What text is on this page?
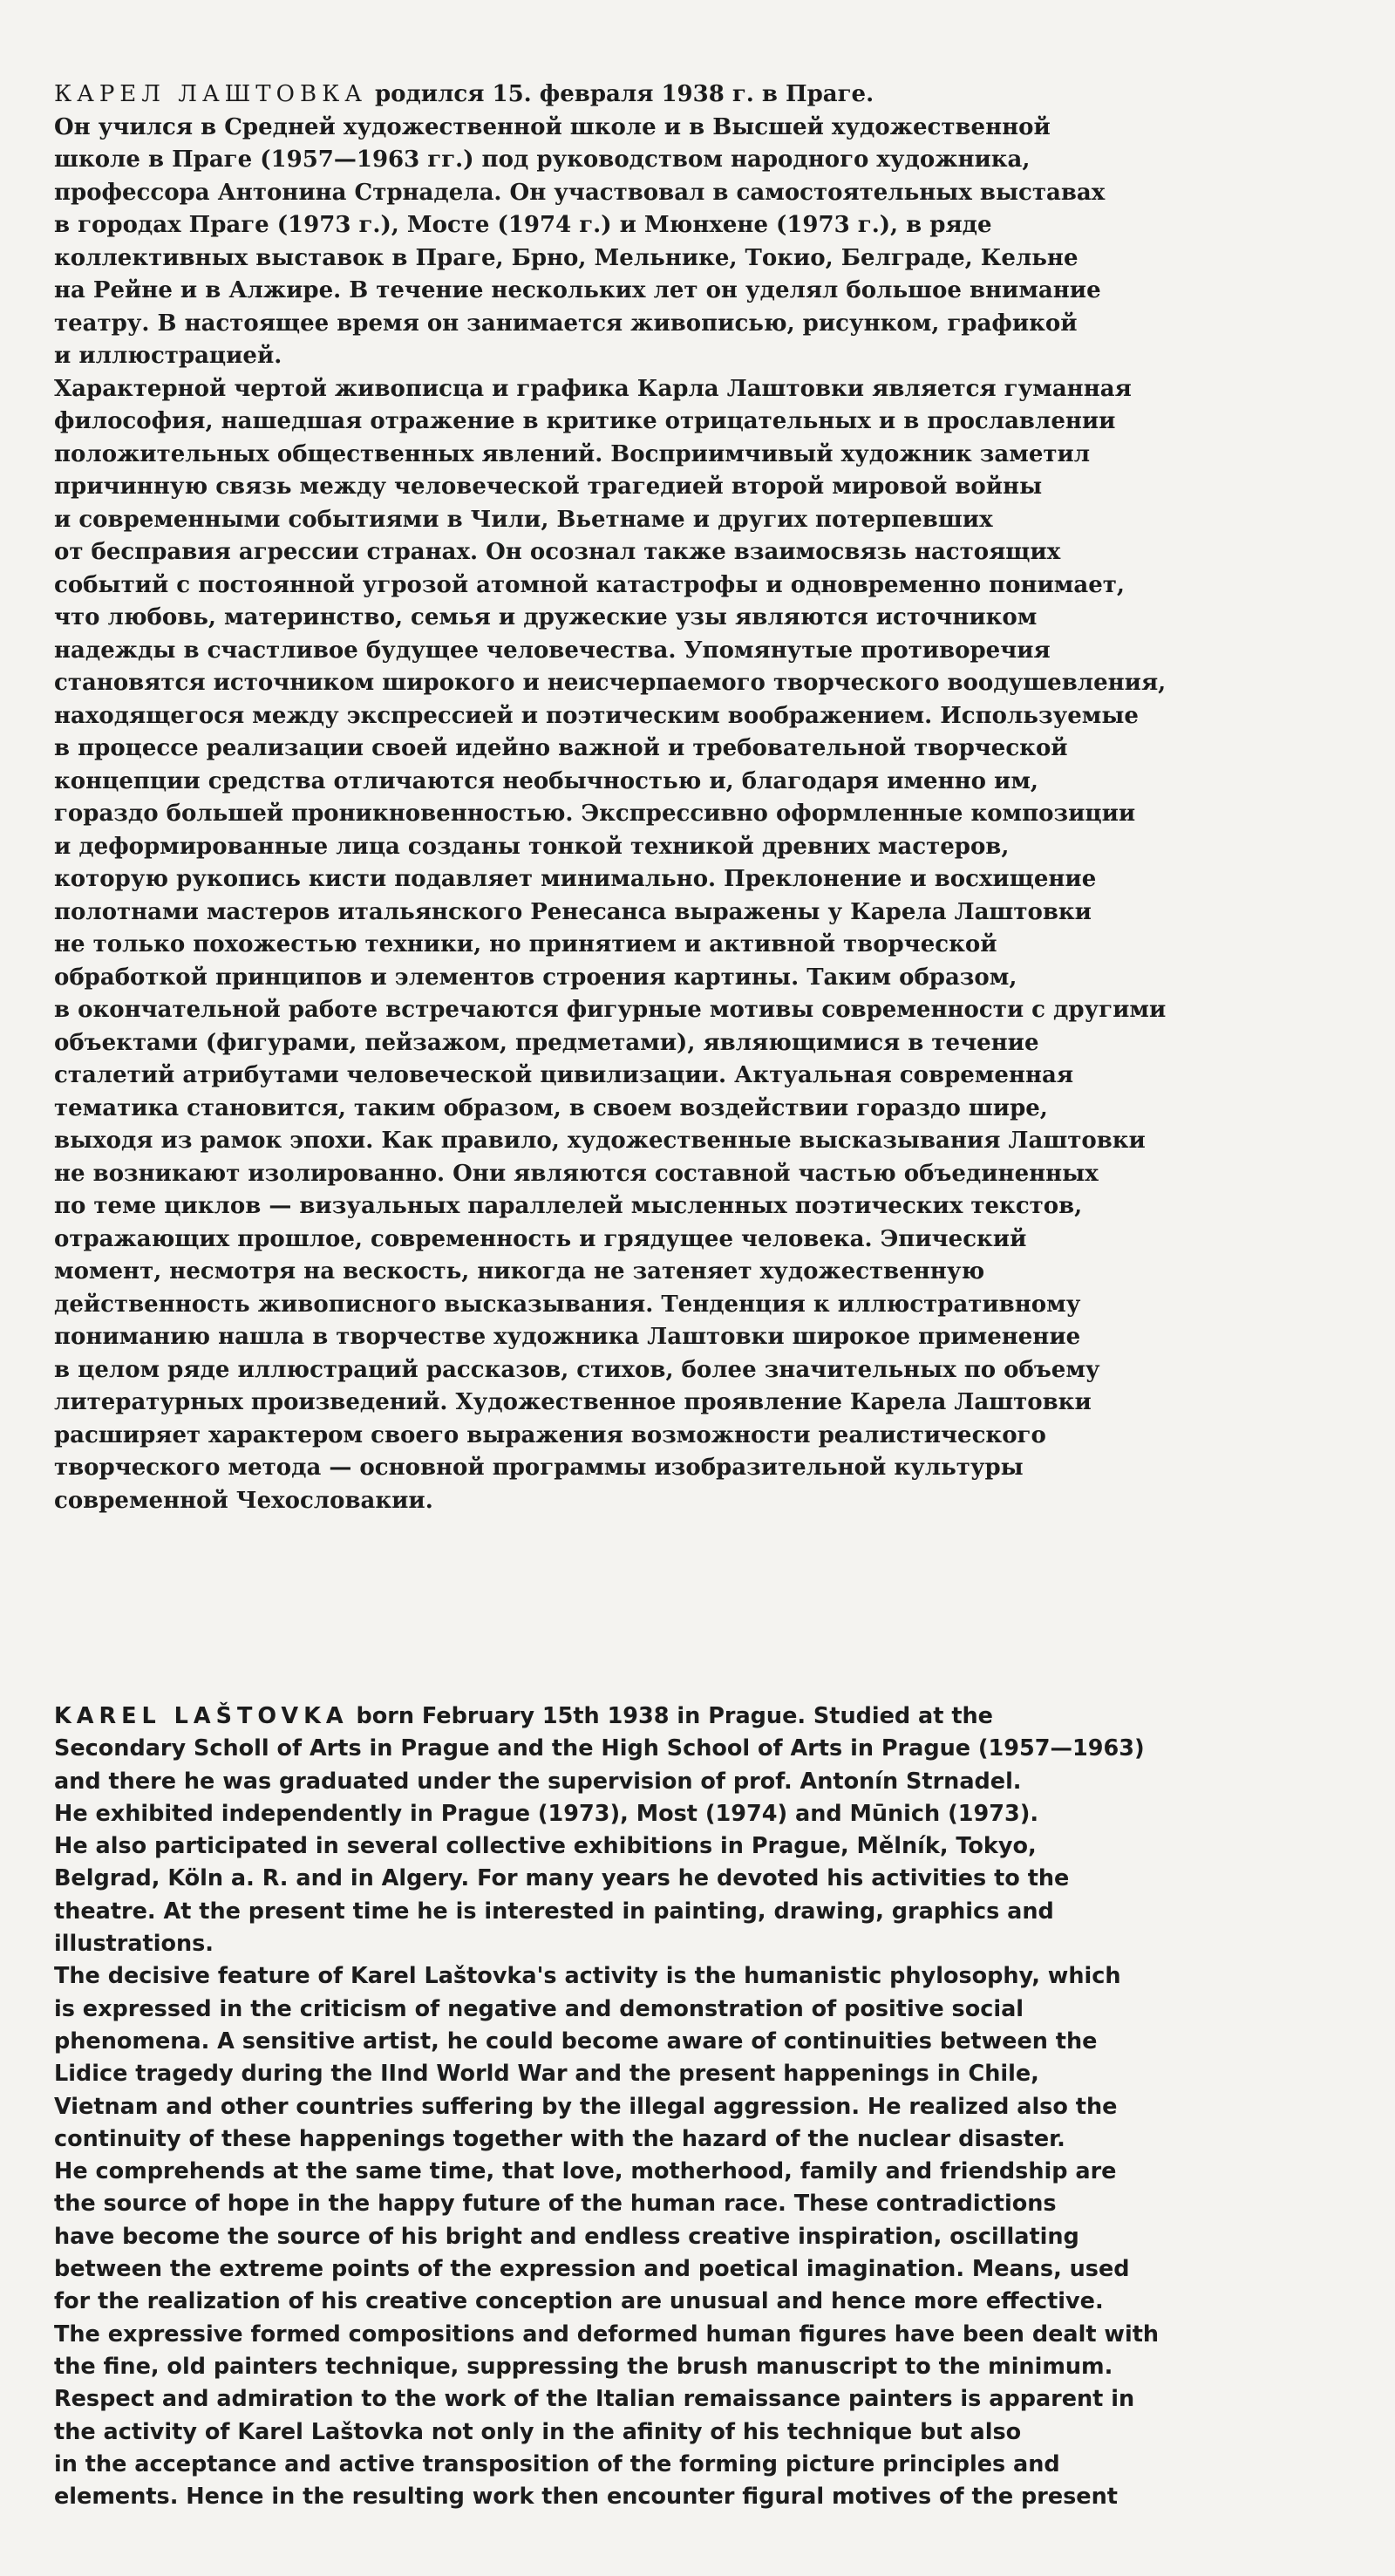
КАРЕЛ ЛАШТОВКА родился 15. февраля 1938 г. в Праге.
Он учился в Средней художественной школе и в Высшей художественной
школе в Праге (1957—1963 гг.) под руководством народного художника,
профессора Антонина Стрнадела. Он участвовал в самостоятельных выставах
в городах Праге (1973 г.), Мосте (1974 г.) и Мюнхене (1973 г.), в ряде
коллективных выставок в Праге, Брно, Мельнике, Токио, Белграде, Кельне
на Рейне и в Алжире. В течение нескольких лет он уделял большое внимание
театру. В настоящее время он занимается живописью, рисунком, графикой
и иллюстрацией.
Характерной чертой живописца и графика Карла Лаштовки является гуманная
философия, нашедшая отражение в критике отрицательных и в прославлении
положительных общественных явлений. Восприимчивый художник заметил
причинную связь между человеческой трагедией второй мировой войны
и современными событиями в Чили, Вьетнаме и других потерпевших
от бесправия агрессии странах. Он осознал также взаимосвязь настоящих
событий с постоянной угрозой атомной катастрофы и одновременно понимает,
что любовь, материнство, семья и дружеские узы являются источником
надежды в счастливое будущее человечества. Упомянутые противоречия
становятся источником широкого и неисчерпаемого творческого воодушевления,
находящегося между экспрессией и поэтическим воображением. Используемые
в процессе реализации своей идейно важной и требовательной творческой
концепции средства отличаются необычностью и, благодаря именно им,
гораздо большей проникновенностью. Экспрессивно оформленные композиции
и деформированные лица созданы тонкой техникой древних мастеров,
которую рукопись кисти подавляет минимально. Преклонение и восхищение
полотнами мастеров итальянского Ренесанса выражены у Карела Лаштовки
не только похожестью техники, но принятием и активной творческой
обработкой принципов и элементов строения картины. Таким образом,
в окончательной работе встречаются фигурные мотивы современности с другими
объектами (фигурами, пейзажом, предметами), являющимися в течение
сталетий атрибутами человеческой цивилизации. Актуальная современная
тематика становится, таким образом, в своем воздействии гораздо шире,
выходя из рамок эпохи. Как правило, художественные высказывания Лаштовки
не возникают изолированно. Они являются составной частью объединенных
по теме циклов — визуальных параллелей мысленных поэтических текстов,
отражающих прошлое, современность и грядущее человека. Эпический
момент, несмотря на вескость, никогда не затеняет художественную
действенность живописного высказывания. Тенденция к иллюстративному
пониманию нашла в творчестве художника Лаштовки широкое применение
в целом ряде иллюстраций рассказов, стихов, более значительных по объему
литературных произведений. Художественное проявление Карела Лаштовки
расширяет характером своего выражения возможности реалистического
творческого метода — основной программы изобразительной культуры
современной Чехословакии.
KAREL LAŠTOVKA born February 15th 1938 in Prague. Studied at the
Secondary Scholl of Arts in Prague and the High School of Arts in Prague (1957—1963)
and there he was graduated under the supervision of prof. Antonín Strnadel.
He exhibited independently in Prague (1973), Most (1974) and Mūnich (1973).
He also participated in several collective exhibitions in Prague, Mělník, Tokyo,
Belgrad, Köln a. R. and in Algery. For many years he devoted his activities to the
theatre. At the present time he is interested in painting, drawing, graphics and
illustrations.
The decisive feature of Karel Laštovka's activity is the humanistic phylosophy, which
is expressed in the criticism of negative and demonstration of positive social
phenomena. A sensitive artist, he could become aware of continuities between the
Lidice tragedy during the IInd World War and the present happenings in Chile,
Vietnam and other countries suffering by the illegal aggression. He realized also the
continuity of these happenings together with the hazard of the nuclear disaster.
He comprehends at the same time, that love, motherhood, family and friendship are
the source of hope in the happy future of the human race. These contradictions
have become the source of his bright and endless creative inspiration, oscillating
between the extreme points of the expression and poetical imagination. Means, used
for the realization of his creative conception are unusual and hence more effective.
The expressive formed compositions and deformed human figures have been dealt with
the fine, old painters technique, suppressing the brush manuscript to the minimum.
Respect and admiration to the work of the Italian remaissance painters is apparent in
the activity of Karel Laštovka not only in the afinity of his technique but also
in the acceptance and active transposition of the forming picture principles and
elements. Hence in the resulting work then encounter figural motives of the present
